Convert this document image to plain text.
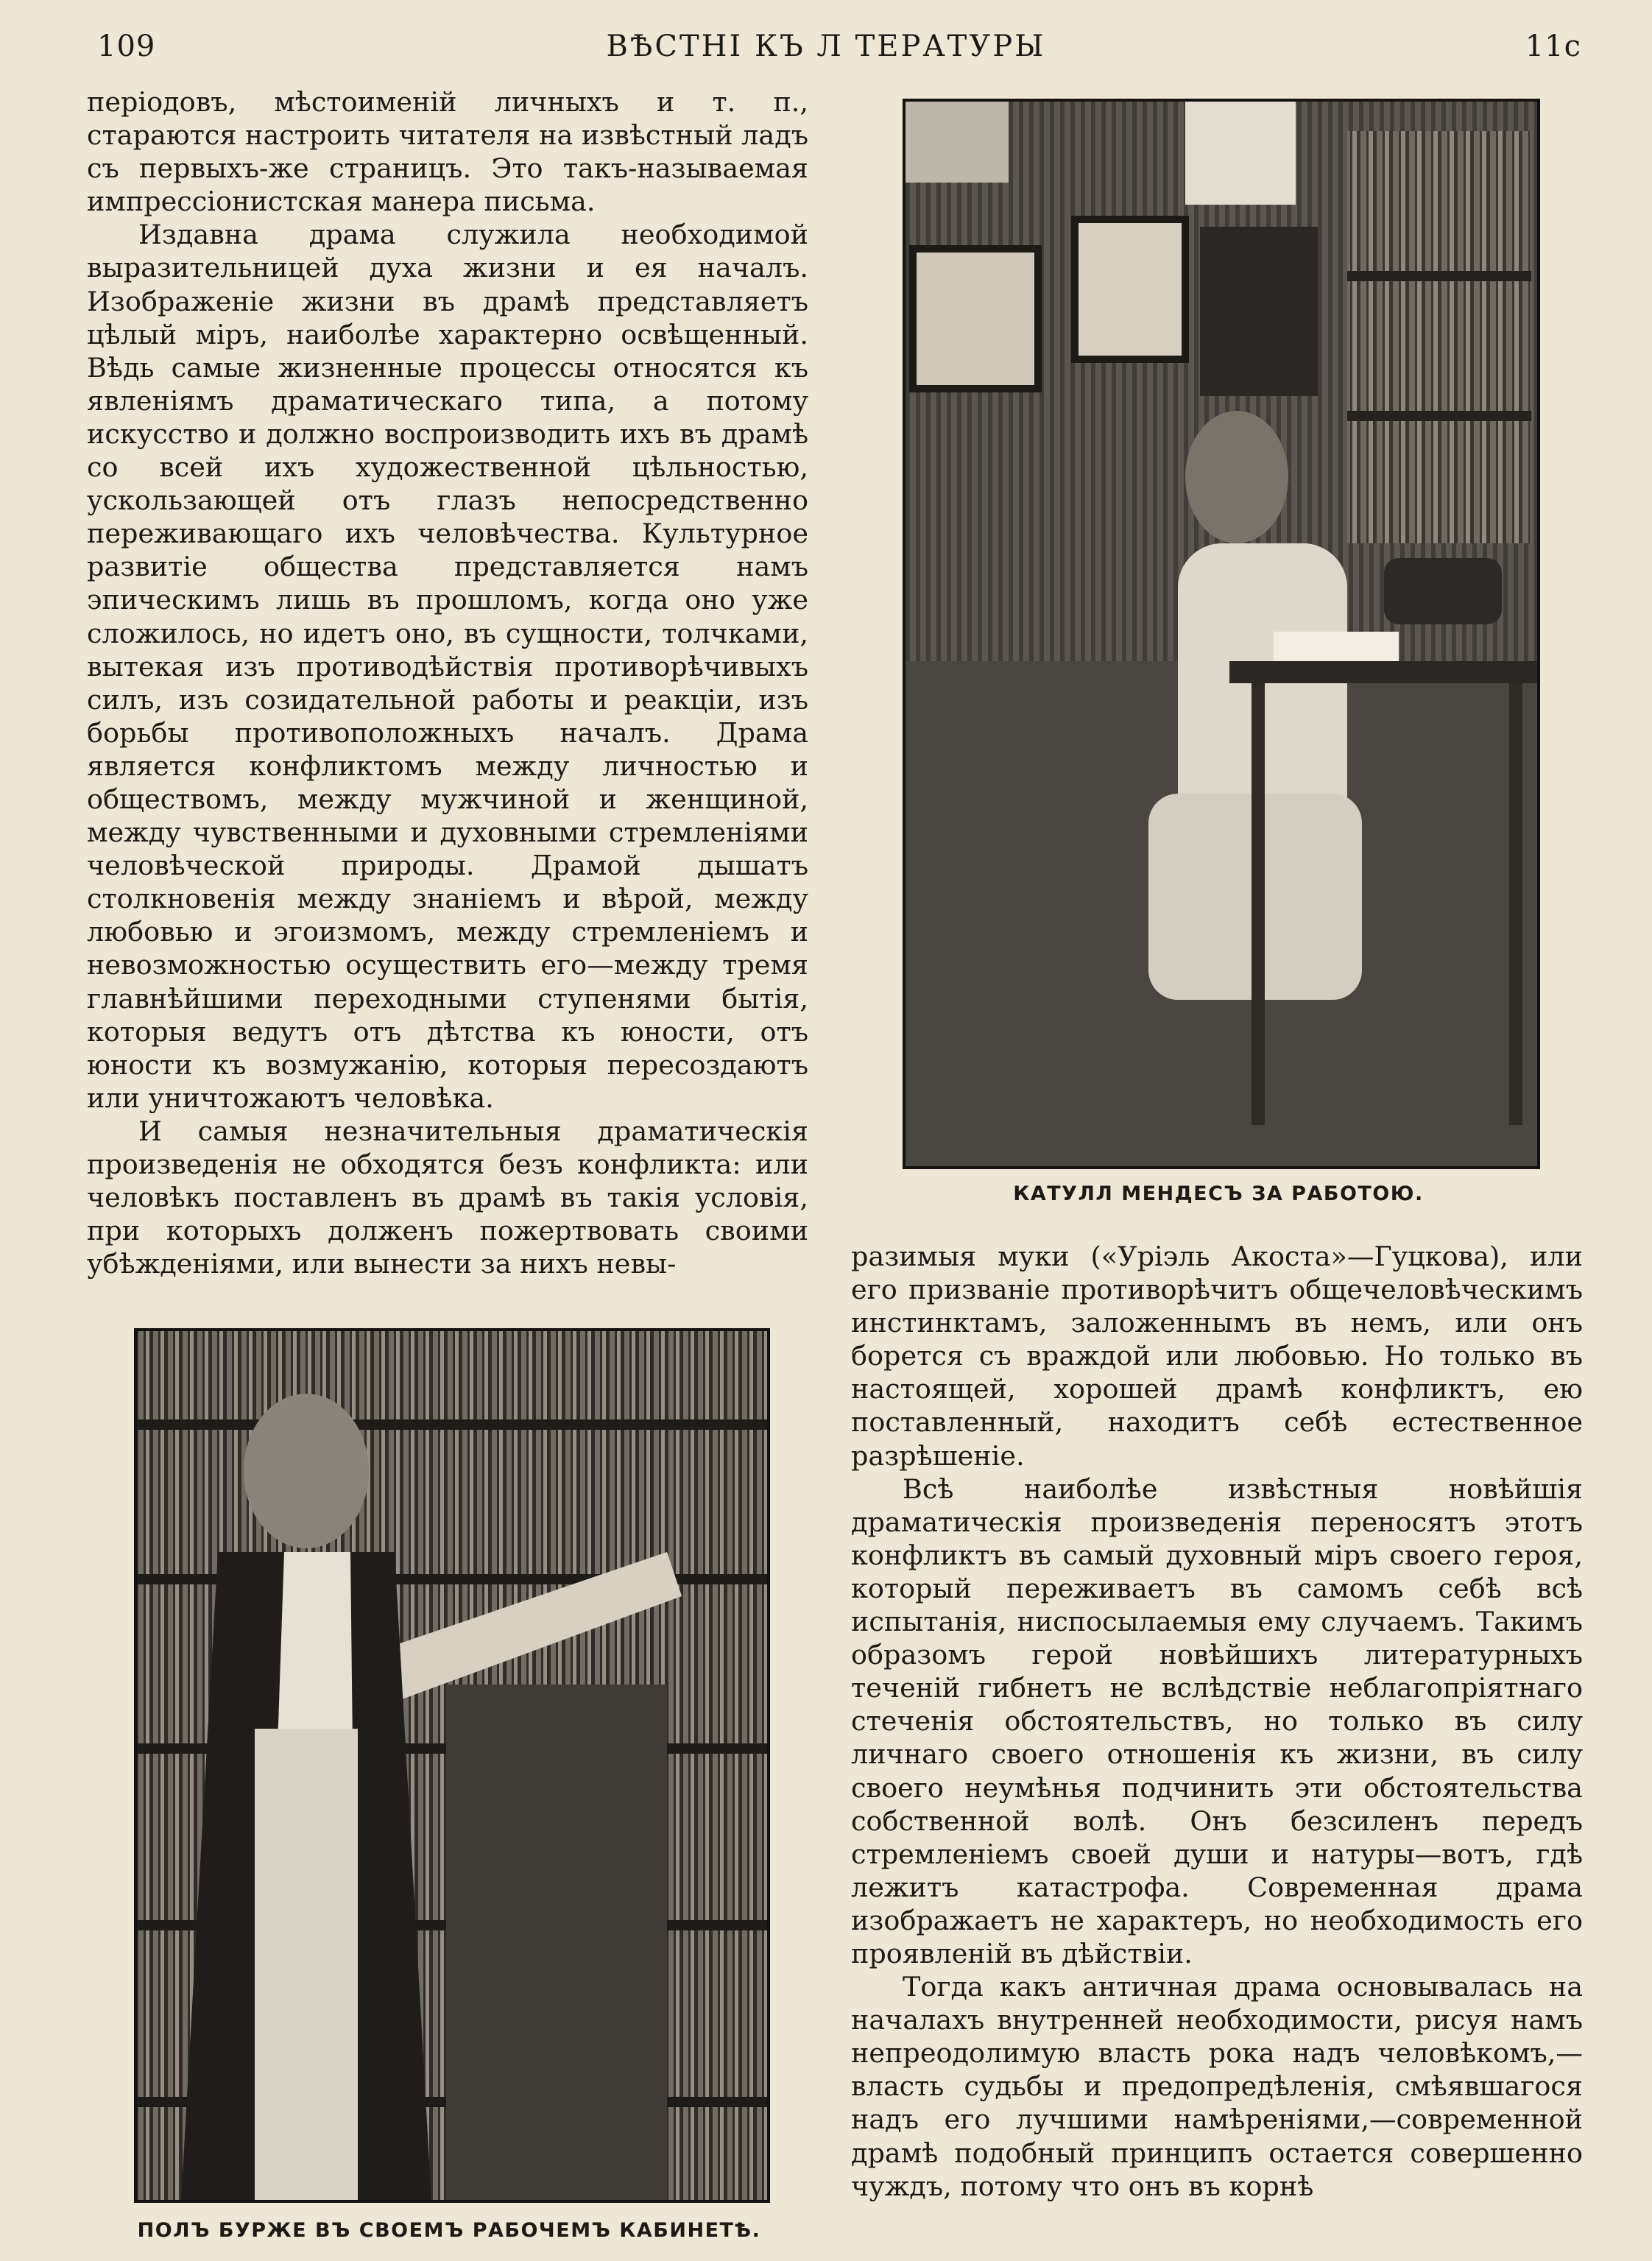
109	ВѢСТНІ КЪ Л ТЕРАТУРЫ	11c

періодовъ, мѣстоименій личныхъ и т. п., стараются настроить читателя на извѣстный ладъ съ первыхъ-же страницъ. Это такъ-называемая импрессіонистская манера письма.

Издавна драма служила необходимой выразительницей духа жизни и ея началъ. Изображеніе жизни въ драмѣ представляетъ цѣлый міръ, наиболѣе характерно освѣщенный. Вѣдь самые жизненные процессы относятся къ явленіямъ драматическаго типа, а потому искусство и должно воспроизводить ихъ въ драмѣ со всей ихъ художественной цѣльностью, ускользающей отъ глазъ непосредственно переживающаго ихъ человѣчества. Культурное развитіе общества представляется намъ эпическимъ лишь въ прошломъ, когда оно уже сложилось, но идетъ оно, въ сущности, толчками, вытекая изъ противодѣйствія противорѣчивыхъ силъ, изъ созидательной работы и реакціи, изъ борьбы противоположныхъ началъ. Драма является конфликтомъ между личностью и обществомъ, между мужчиной и женщиной, между чувственными и духовными стремленіями человѣческой природы. Драмой дышатъ столкновенія между знаніемъ и вѣрой, между любовью и эгоизмомъ, между стремленіемъ и невозможностью осуществить его—между тремя главнѣйшими переходными ступенями бытія, которыя ведутъ отъ дѣтства къ юности, отъ юности къ возмужанію, которыя пересоздаютъ или уничтожаютъ человѣка.

И самыя незначительныя драматическія произведенія не обходятся безъ конфликта: или человѣкъ поставленъ въ драмѣ въ такія условія, при которыхъ долженъ пожертвовать своими убѣжденіями, или вынести за нихъ невы-

КАТУЛЛ МЕНДЕСЪ ЗА РАБОТОЮ.
ПОЛЪ БУРЖЕ ВЪ СВОЕМЪ РАБОЧЕМЪ КАБИНЕТѢ.

разимыя муки («Уріэль Акоста»—Гуцкова), или его призваніе противорѣчитъ общечеловѣческимъ инстинктамъ, заложеннымъ въ немъ, или онъ борется съ враждой или любовью. Но только въ настоящей, хорошей драмѣ конфликтъ, ею поставленный, находитъ себѣ естественное разрѣшеніе.

Всѣ наиболѣе извѣстныя новѣйшія драматическія произведенія переносятъ этотъ конфликтъ въ самый духовный міръ своего героя, который переживаетъ въ самомъ себѣ всѣ испытанія, ниспосылаемыя ему случаемъ. Такимъ образомъ герой новѣйшихъ литературныхъ теченій гибнетъ не вслѣдствіе неблагопріятнаго стеченія обстоятельствъ, но только въ силу личнаго своего отношенія къ жизни, въ силу своего неумѣнья подчинить эти обстоятельства собственной волѣ. Онъ безсиленъ передъ стремленіемъ своей души и натуры—вотъ, гдѣ лежитъ катастрофа. Современная драма изображаетъ не характеръ, но необходимость его проявленій въ дѣйствіи.

Тогда какъ античная драма основывалась на началахъ внутренней необходимости, рисуя намъ непреодолимую власть рока надъ человѣкомъ,—власть судьбы и предопредѣленія, смѣявшагося надъ его лучшими намѣреніями,—современной драмѣ подобный принципъ остается совершенно чуждъ, потому что онъ въ корнѣ
